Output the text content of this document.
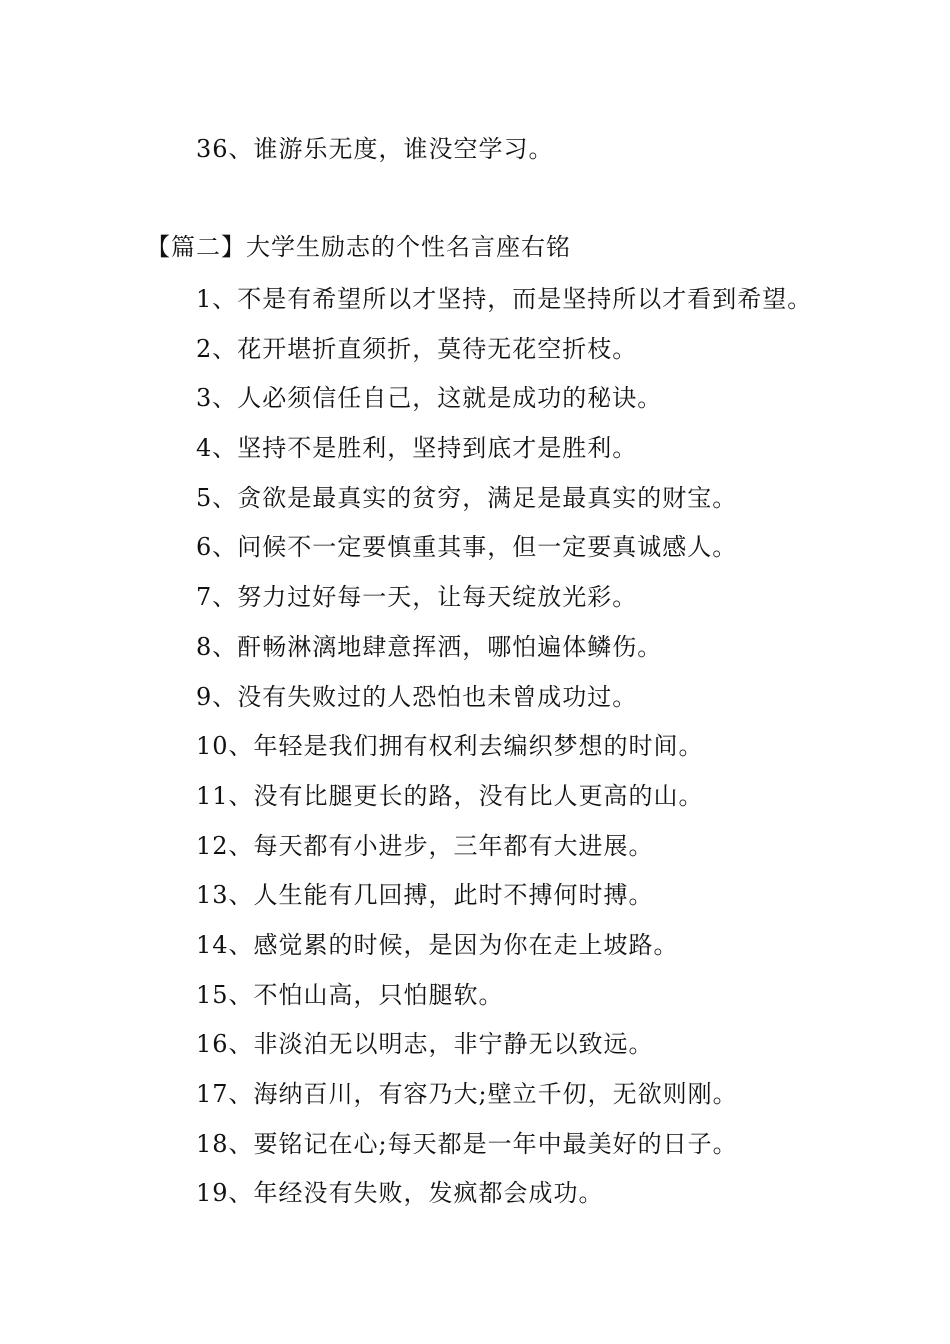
36、谁游乐无度，谁没空学习。
【篇二】大学生励志的个性名言座右铭
1、不是有希望所以才坚持，而是坚持所以才看到希望。
2、花开堪折直须折，莫待无花空折枝。
3、人必须信任自己，这就是成功的秘诀。
4、坚持不是胜利，坚持到底才是胜利。
5、贪欲是最真实的贫穷，满足是最真实的财宝。
6、问候不一定要慎重其事，但一定要真诚感人。
7、努力过好每一天，让每天绽放光彩。
8、酐畅淋漓地肆意挥洒，哪怕遍体鳞伤。
9、没有失败过的人恐怕也未曾成功过。
10、年轻是我们拥有权利去编织梦想的时间。
11、没有比腿更长的路，没有比人更高的山。
12、每天都有小进步，三年都有大进展。
13、人生能有几回搏，此时不搏何时搏。
14、感觉累的时候，是因为你在走上坡路。
15、不怕山高，只怕腿软。
16、非淡泊无以明志，非宁静无以致远。
17、海纳百川，有容乃大;壁立千仞，无欲则刚。
18、要铭记在心;每天都是一年中最美好的日子。
19、年经没有失败，发疯都会成功。
